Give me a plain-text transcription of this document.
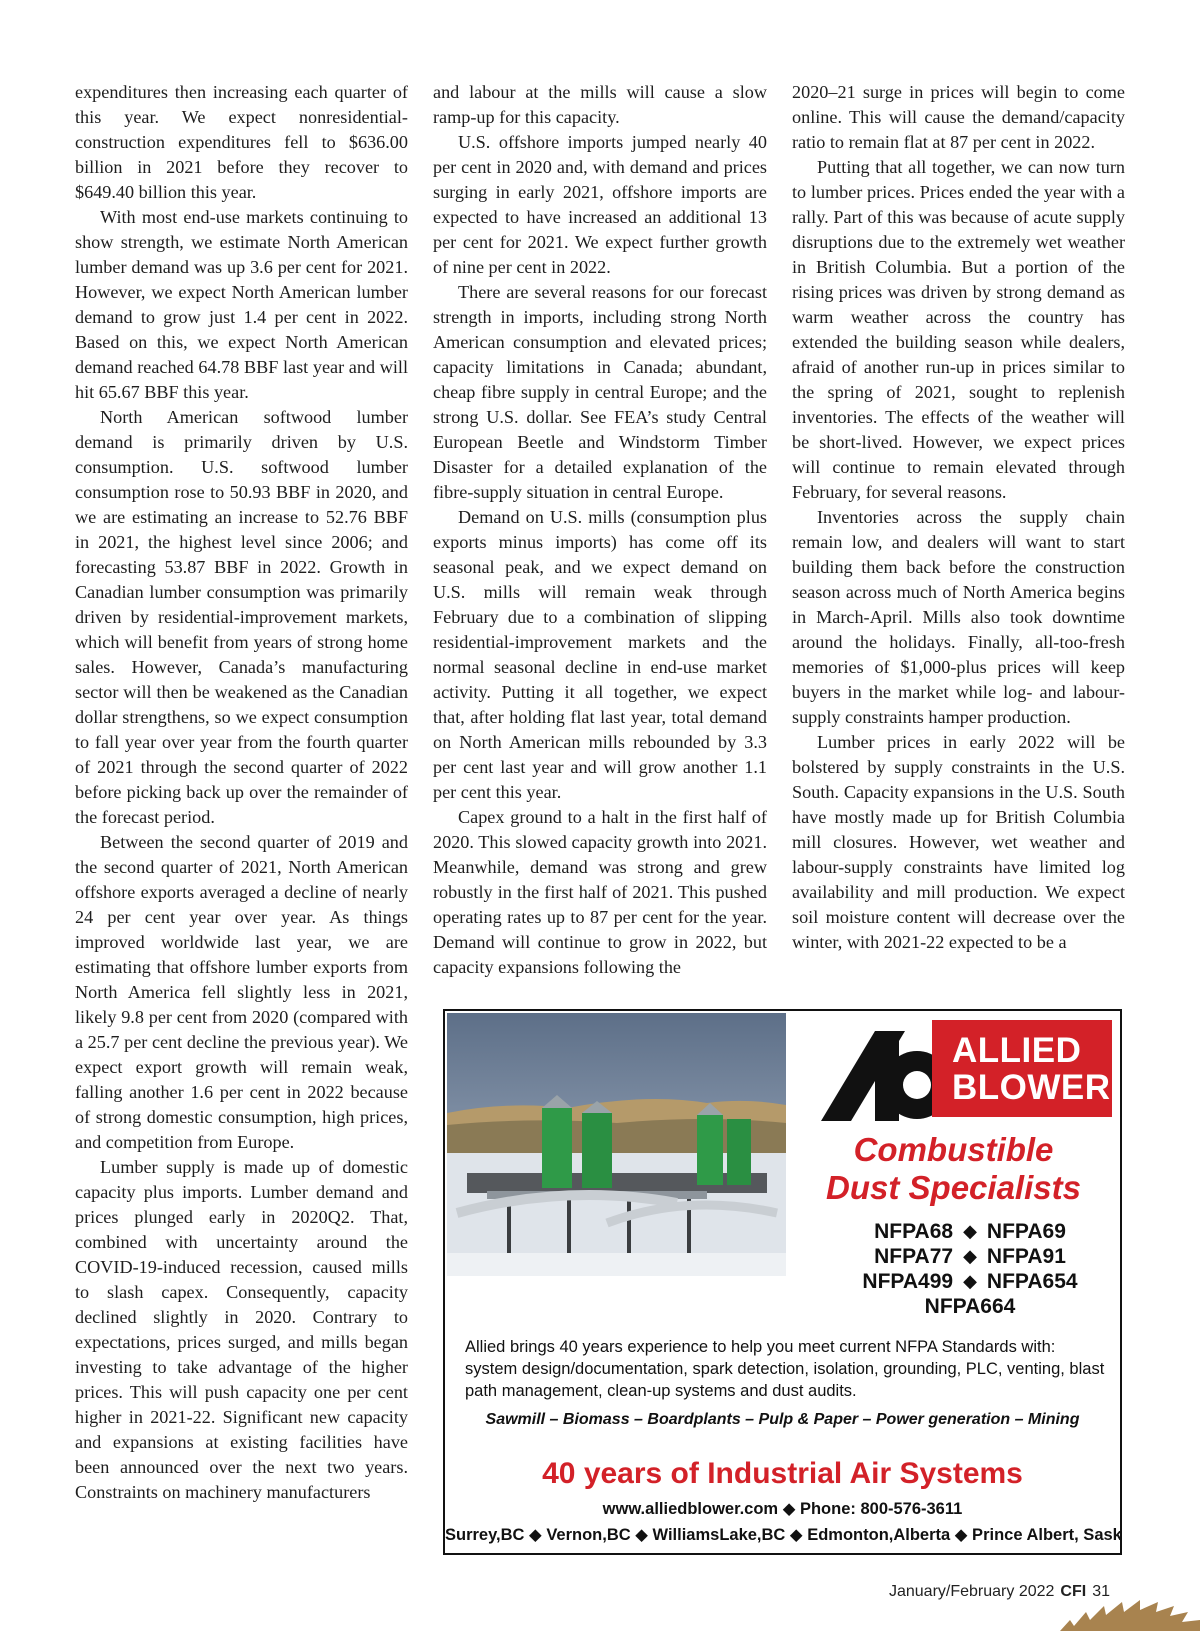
expenditures then increasing each quarter of this year. We expect nonresidential-construction expenditures fell to $636.00 billion in 2021 before they recover to $649.40 billion this year.

With most end-use markets continuing to show strength, we estimate North American lumber demand was up 3.6 per cent for 2021. However, we expect North American lumber demand to grow just 1.4 per cent in 2022. Based on this, we expect North American demand reached 64.78 BBF last year and will hit 65.67 BBF this year.

North American softwood lumber demand is primarily driven by U.S. consumption. U.S. softwood lumber consumption rose to 50.93 BBF in 2020, and we are estimating an increase to 52.76 BBF in 2021, the highest level since 2006; and forecasting 53.87 BBF in 2022. Growth in Canadian lumber consumption was primarily driven by residential-improvement markets, which will benefit from years of strong home sales. However, Canada’s manufacturing sector will then be weakened as the Canadian dollar strengthens, so we expect consumption to fall year over year from the fourth quarter of 2021 through the second quarter of 2022 before picking back up over the remainder of the forecast period.

Between the second quarter of 2019 and the second quarter of 2021, North American offshore exports averaged a decline of nearly 24 per cent year over year. As things improved worldwide last year, we are estimating that offshore lumber exports from North America fell slightly less in 2021, likely 9.8 per cent from 2020 (compared with a 25.7 per cent decline the previous year). We expect export growth will remain weak, falling another 1.6 per cent in 2022 because of strong domestic consumption, high prices, and competition from Europe.

Lumber supply is made up of domestic capacity plus imports. Lumber demand and prices plunged early in 2020Q2. That, combined with uncertainty around the COVID-19-induced recession, caused mills to slash capex. Consequently, capacity declined slightly in 2020. Contrary to expectations, prices surged, and mills began investing to take advantage of the higher prices. This will push capacity one per cent higher in 2021-22. Significant new capacity and expansions at existing facilities have been announced over the next two years. Constraints on machinery manufacturers

and labour at the mills will cause a slow ramp-up for this capacity.

U.S. offshore imports jumped nearly 40 per cent in 2020 and, with demand and prices surging in early 2021, offshore imports are expected to have increased an additional 13 per cent for 2021. We expect further growth of nine per cent in 2022.

There are several reasons for our forecast strength in imports, including strong North American consumption and elevated prices; capacity limitations in Canada; abundant, cheap fibre supply in central Europe; and the strong U.S. dollar. See FEA’s study Central European Beetle and Windstorm Timber Disaster for a detailed explanation of the fibre-supply situation in central Europe.

Demand on U.S. mills (consumption plus exports minus imports) has come off its seasonal peak, and we expect demand on U.S. mills will remain weak through February due to a combination of slipping residential-improvement markets and the normal seasonal decline in end-use market activity. Putting it all together, we expect that, after holding flat last year, total demand on North American mills rebounded by 3.3 per cent last year and will grow another 1.1 per cent this year.

Capex ground to a halt in the first half of 2020. This slowed capacity growth into 2021. Meanwhile, demand was strong and grew robustly in the first half of 2021. This pushed operating rates up to 87 per cent for the year. Demand will continue to grow in 2022, but capacity expansions following the

2020–21 surge in prices will begin to come online. This will cause the demand/capacity ratio to remain flat at 87 per cent in 2022.

Putting that all together, we can now turn to lumber prices. Prices ended the year with a rally. Part of this was because of acute supply disruptions due to the extremely wet weather in British Columbia. But a portion of the rising prices was driven by strong demand as warm weather across the country has extended the building season while dealers, afraid of another run-up in prices similar to the spring of 2021, sought to replenish inventories. The effects of the weather will be short-lived. However, we expect prices will continue to remain elevated through February, for several reasons.

Inventories across the supply chain remain low, and dealers will want to start building them back before the construction season across much of North America begins in March-April. Mills also took downtime around the holidays. Finally, all-too-fresh memories of $1,000-plus prices will keep buyers in the market while log- and labour-supply constraints hamper production.

Lumber prices in early 2022 will be bolstered by supply constraints in the U.S. South. Capacity expansions in the U.S. South have mostly made up for British Columbia mill closures. However, wet weather and labour-supply constraints have limited log availability and mill production. We expect soil moisture content will decrease over the winter, with 2021-22 expected to be a

ALLIED
BLOWER
Combustible
Dust Specialists
NFPA68 ◆ NFPA69
NFPA77 ◆ NFPA91
NFPA499 ◆ NFPA654
NFPA664
Allied brings 40 years experience to help you meet current NFPA Standards with: system design/documentation, spark detection, isolation, grounding, PLC, venting, blast path management, clean-up systems and dust audits.
Sawmill – Biomass – Boardplants – Pulp & Paper – Power generation – Mining
40 years of Industrial Air Systems
www.alliedblower.com ◆ Phone: 800-576-3611
Surrey,BC ◆ Vernon,BC ◆ WilliamsLake,BC ◆ Edmonton,Alberta ◆ Prince Albert, Sask
January/February 2022 CFI 31
